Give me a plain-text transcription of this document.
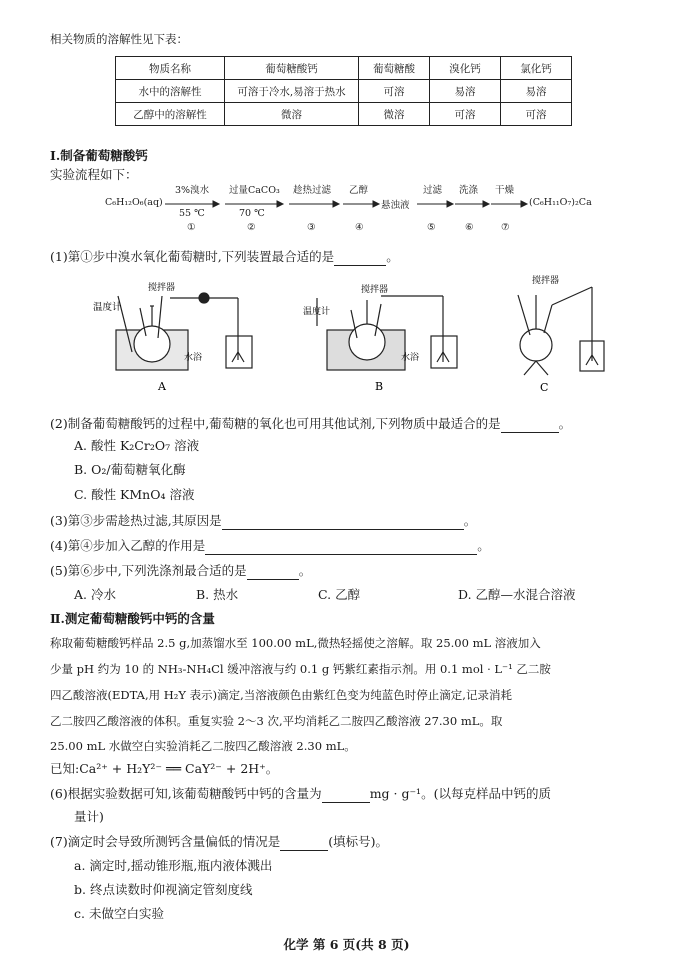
相关物质的溶解性见下表：
物质名称	葡萄糖酸钙	葡萄糖酸	溴化钙	氯化钙
水中的溶解性	可溶于冷水,易溶于热水	可溶	易溶	易溶
乙醇中的溶解性	微溶	微溶	可溶	可溶
Ⅰ.制备葡萄糖酸钙
实验流程如下：
C₆H₁₂O₆(aq)
3%溴水
55 ℃
①
过量CaCO₃
70 ℃
②
趁热过滤
③
乙醇
④
悬浊液
过滤
⑤
洗涤
⑥
干燥
⑦
(C₆H₁₁O₇)₂Ca
(1)第①步中溴水氧化葡萄糖时,下列装置最合适的是	。
温度计
搅拌器
水浴
A
温度计
搅拌器
水浴
B
搅拌器
C
(2)制备葡萄糖酸钙的过程中,葡萄糖的氧化也可用其他试剂,下列物质中最适合的是	。
A. 酸性 K₂Cr₂O₇ 溶液
B. O₂/葡萄糖氧化酶
C. 酸性 KMnO₄ 溶液
(3)第③步需趁热过滤,其原因是	。
(4)第④步加入乙醇的作用是	。
(5)第⑥步中,下列洗涤剂最合适的是	。
A. 冷水	B. 热水	C. 乙醇	D. 乙醇—水混合溶液
Ⅱ.测定葡萄糖酸钙中钙的含量
称取葡萄糖酸钙样品 2.5 g,加蒸馏水至 100.00 mL,微热轻摇使之溶解。取 25.00 mL 溶液加入
少量 pH 约为 10 的 NH₃-NH₄Cl 缓冲溶液与约 0.1 g 钙紫红素指示剂。用 0.1 mol · L⁻¹ 乙二胺
四乙酸溶液(EDTA,用 H₂Y 表示)滴定,当溶液颜色由紫红色变为纯蓝色时停止滴定,记录消耗
乙二胺四乙酸溶液的体积。重复实验 2～3 次,平均消耗乙二胺四乙酸溶液 27.30 mL。取
25.00 mL 水做空白实验消耗乙二胺四乙酸溶液 2.30 mL。
已知:Ca²⁺ + H₂Y²⁻ ══ CaY²⁻ + 2H⁺。
(6)根据实验数据可知,该葡萄糖酸钙中钙的含量为	mg · g⁻¹。(以每克样品中钙的质
量计)
(7)滴定时会导致所测钙含量偏低的情况是	(填标号)。
a. 滴定时,摇动锥形瓶,瓶内液体溅出
b. 终点读数时仰视滴定管刻度线
c. 未做空白实验
化学 第 6 页(共 8 页)
